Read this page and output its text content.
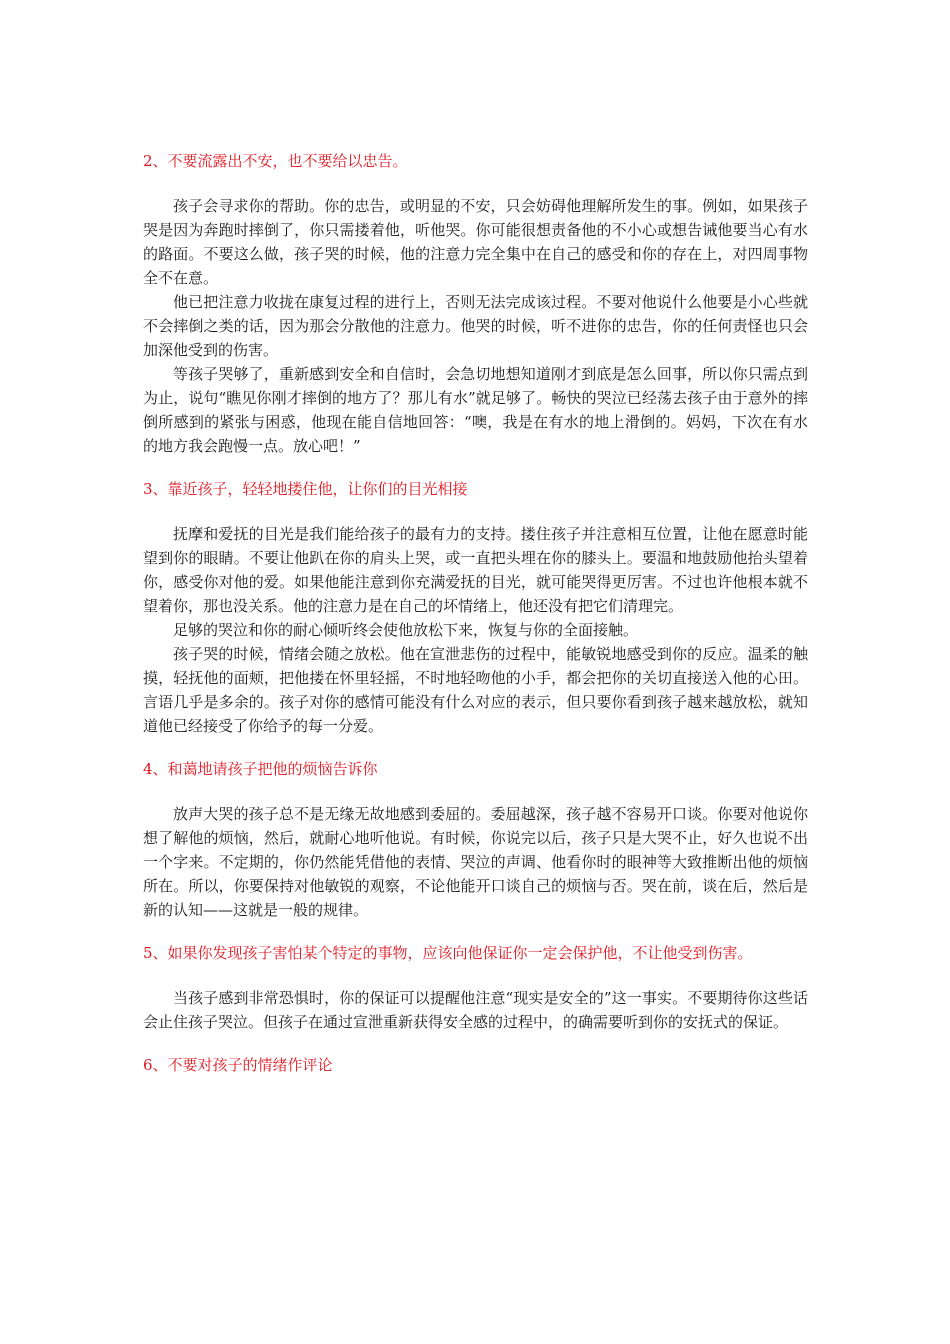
2、不要流露出不安，也不要给以忠告。

孩子会寻求你的帮助。你的忠告，或明显的不安，只会妨碍他理解所发生的事。例如，如果孩子哭是因为奔跑时摔倒了，你只需搂着他，听他哭。你可能很想责备他的不小心或想告诫他要当心有水的路面。不要这么做，孩子哭的时候，他的注意力完全集中在自己的感受和你的存在上，对四周事物全不在意。

他已把注意力收拢在康复过程的进行上，否则无法完成该过程。不要对他说什么他要是小心些就不会摔倒之类的话，因为那会分散他的注意力。他哭的时候，听不进你的忠告，你的任何责怪也只会加深他受到的伤害。

等孩子哭够了，重新感到安全和自信时，会急切地想知道刚才到底是怎么回事，所以你只需点到为止，说句“瞧见你刚才摔倒的地方了？那儿有水”就足够了。畅快的哭泣已经荡去孩子由于意外的摔倒所感到的紧张与困惑，他现在能自信地回答：“噢，我是在有水的地上滑倒的。妈妈，下次在有水的地方我会跑慢一点。放心吧！”

3、靠近孩子，轻轻地搂住他，让你们的目光相接

抚摩和爱抚的目光是我们能给孩子的最有力的支持。搂住孩子并注意相互位置，让他在愿意时能望到你的眼睛。不要让他趴在你的肩头上哭，或一直把头埋在你的膝头上。要温和地鼓励他抬头望着你，感受你对他的爱。如果他能注意到你充满爱抚的目光，就可能哭得更厉害。不过也许他根本就不望着你，那也没关系。他的注意力是在自己的坏情绪上，他还没有把它们清理完。

足够的哭泣和你的耐心倾听终会使他放松下来，恢复与你的全面接触。

孩子哭的时候，情绪会随之放松。他在宣泄悲伤的过程中，能敏锐地感受到你的反应。温柔的触摸，轻抚他的面颊，把他搂在怀里轻摇，不时地轻吻他的小手，都会把你的关切直接送入他的心田。言语几乎是多余的。孩子对你的感情可能没有什么对应的表示，但只要你看到孩子越来越放松，就知道他已经接受了你给予的每一分爱。

4、和蔼地请孩子把他的烦恼告诉你

放声大哭的孩子总不是无缘无故地感到委屈的。委屈越深，孩子越不容易开口谈。你要对他说你想了解他的烦恼，然后，就耐心地听他说。有时候，你说完以后，孩子只是大哭不止，好久也说不出一个字来。不定期的，你仍然能凭借他的表情、哭泣的声调、他看你时的眼神等大致推断出他的烦恼所在。所以，你要保持对他敏锐的观察，不论他能开口谈自己的烦恼与否。哭在前，谈在后，然后是新的认知——这就是一般的规律。

5、如果你发现孩子害怕某个特定的事物，应该向他保证你一定会保护他，不让他受到伤害。

当孩子感到非常恐惧时，你的保证可以提醒他注意“现实是安全的”这一事实。不要期待你这些话会止住孩子哭泣。但孩子在通过宣泄重新获得安全感的过程中，的确需要听到你的安抚式的保证。

6、不要对孩子的情绪作评论
